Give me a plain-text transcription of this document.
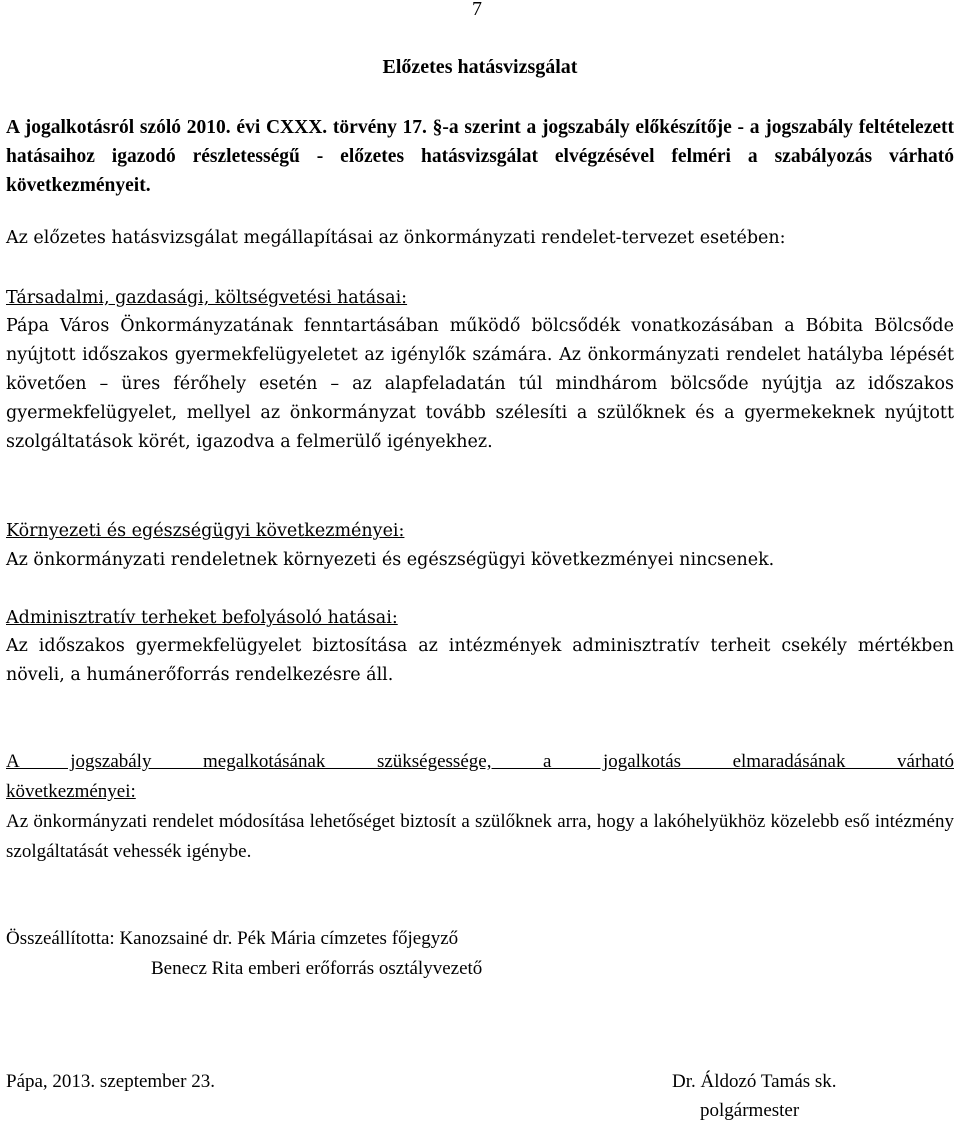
7
Előzetes hatásvizsgálat
A jogalkotásról szóló 2010. évi CXXX. törvény 17. §-a szerint a jogszabály előkészítője - a jogszabály feltételezett hatásaihoz igazodó részletességű - előzetes hatásvizsgálat elvégzésével felméri a szabályozás várható következményeit.
Az előzetes hatásvizsgálat megállapításai az önkormányzati rendelet-tervezet esetében:
Társadalmi, gazdasági, költségvetési hatásai:
Pápa Város Önkormányzatának fenntartásában működő bölcsődék vonatkozásában a Bóbita Bölcsőde nyújtott időszakos gyermekfelügyeletet az igénylők számára. Az önkormányzati rendelet hatályba lépését követően – üres férőhely esetén – az alapfeladatán túl mindhárom bölcsőde nyújtja az időszakos gyermekfelügyelet, mellyel az önkormányzat tovább szélesíti a szülőknek és a gyermekeknek nyújtott szolgáltatások körét, igazodva a felmerülő igényekhez.
Környezeti és egészségügyi következményei:
Az önkormányzati rendeletnek környezeti és egészségügyi következményei nincsenek.
Adminisztratív terheket befolyásoló hatásai:
Az időszakos gyermekfelügyelet biztosítása az intézmények adminisztratív terheit csekély mértékben növeli, a humánerőforrás rendelkezésre áll.
A jogszabály megalkotásának szükségessége, a jogalkotás elmaradásának várható
következményei:
Az önkormányzati rendelet módosítása lehetőséget biztosít a szülőknek arra, hogy a lakóhelyükhöz közelebb eső intézmény szolgáltatását vehessék igénybe.
Összeállította: Kanozsainé dr. Pék Mária címzetes főjegyző
Benecz Rita emberi erőforrás osztályvezető
Pápa, 2013. szeptember 23.	Dr. Áldozó Tamás sk.
polgármester
